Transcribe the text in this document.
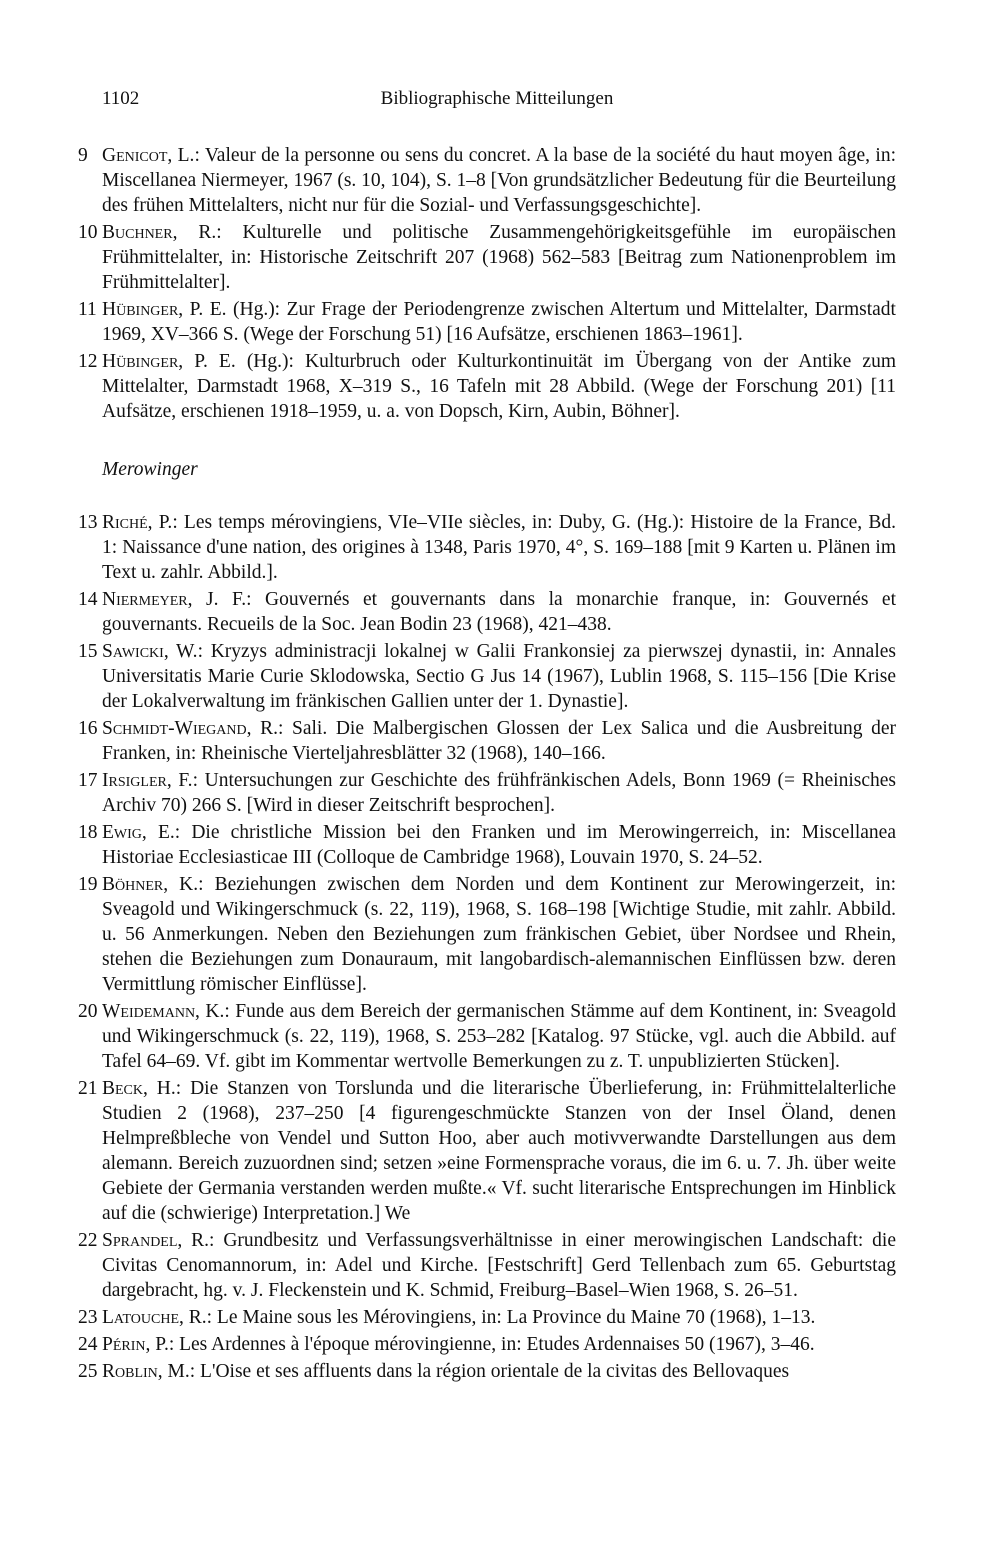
1102	Bibliographische Mitteilungen
9 Genicot, L.: Valeur de la personne ou sens du concret. A la base de la société du haut moyen âge, in: Miscellanea Niermeyer, 1967 (s. 10, 104), S. 1–8 [Von grundsätzlicher Bedeutung für die Beurteilung des frühen Mittelalters, nicht nur für die Sozial- und Verfassungsgeschichte].
10 Buchner, R.: Kulturelle und politische Zusammengehörigkeitsgefühle im europäischen Frühmittelalter, in: Historische Zeitschrift 207 (1968) 562–583 [Beitrag zum Nationenproblem im Frühmittelalter].
11 Hübinger, P. E. (Hg.): Zur Frage der Periodengrenze zwischen Altertum und Mittelalter, Darmstadt 1969, XV–366 S. (Wege der Forschung 51) [16 Aufsätze, erschienen 1863–1961].
12 Hübinger, P. E. (Hg.): Kulturbruch oder Kulturkontinuität im Übergang von der Antike zum Mittelalter, Darmstadt 1968, X–319 S., 16 Tafeln mit 28 Abbild. (Wege der Forschung 201) [11 Aufsätze, erschienen 1918–1959, u. a. von Dopsch, Kirn, Aubin, Böhner].
Merowinger
13 Riché, P.: Les temps mérovingiens, VIe–VIIe siècles, in: Duby, G. (Hg.): Histoire de la France, Bd. 1: Naissance d'une nation, des origines à 1348, Paris 1970, 4°, S. 169–188 [mit 9 Karten u. Plänen im Text u. zahlr. Abbild.].
14 Niermeyer, J. F.: Gouvernés et gouvernants dans la monarchie franque, in: Gouvernés et gouvernants. Recueils de la Soc. Jean Bodin 23 (1968), 421–438.
15 Sawicki, W.: Kryzys administracji lokalnej w Galii Frankonsiej za pierwszej dynastii, in: Annales Universitatis Marie Curie Sklodowska, Sectio G Jus 14 (1967), Lublin 1968, S. 115–156 [Die Krise der Lokalverwaltung im fränkischen Gallien unter der 1. Dynastie].
16 Schmidt-Wiegand, R.: Sali. Die Malbergischen Glossen der Lex Salica und die Ausbreitung der Franken, in: Rheinische Vierteljahresblätter 32 (1968), 140–166.
17 Irsigler, F.: Untersuchungen zur Geschichte des frühfränkischen Adels, Bonn 1969 (= Rheinisches Archiv 70) 266 S. [Wird in dieser Zeitschrift besprochen].
18 Ewig, E.: Die christliche Mission bei den Franken und im Merowingerreich, in: Miscellanea Historiae Ecclesiasticae III (Colloque de Cambridge 1968), Louvain 1970, S. 24–52.
19 Böhner, K.: Beziehungen zwischen dem Norden und dem Kontinent zur Merowingerzeit, in: Sveagold und Wikingerschmuck (s. 22, 119), 1968, S. 168–198 [Wichtige Studie, mit zahlr. Abbild. u. 56 Anmerkungen. Neben den Beziehungen zum fränkischen Gebiet, über Nordsee und Rhein, stehen die Beziehungen zum Donauraum, mit langobardisch-alemannischen Einflüssen bzw. deren Vermittlung römischer Einflüsse].
20 Weidemann, K.: Funde aus dem Bereich der germanischen Stämme auf dem Kontinent, in: Sveagold und Wikingerschmuck (s. 22, 119), 1968, S. 253–282 [Katalog. 97 Stücke, vgl. auch die Abbild. auf Tafel 64–69. Vf. gibt im Kommentar wertvolle Bemerkungen zu z. T. unpublizierten Stücken].
21 Beck, H.: Die Stanzen von Torslunda und die literarische Überlieferung, in: Frühmittelalterliche Studien 2 (1968), 237–250 [4 figurengeschmückte Stanzen von der Insel Öland, denen Helmpreßbleche von Vendel und Sutton Hoo, aber auch motivverwandte Darstellungen aus dem alemann. Bereich zuzuordnen sind; setzen »eine Formensprache voraus, die im 6. u. 7. Jh. über weite Gebiete der Germania verstanden werden mußte.« Vf. sucht literarische Entsprechungen im Hinblick auf die (schwierige) Interpretation.] We
22 Sprandel, R.: Grundbesitz und Verfassungsverhältnisse in einer merowingischen Landschaft: die Civitas Cenomannorum, in: Adel und Kirche. [Festschrift] Gerd Tellenbach zum 65. Geburtstag dargebracht, hg. v. J. Fleckenstein und K. Schmid, Freiburg–Basel–Wien 1968, S. 26–51.
23 Latouche, R.: Le Maine sous les Mérovingiens, in: La Province du Maine 70 (1968), 1–13.
24 Périn, P.: Les Ardennes à l'époque mérovingienne, in: Etudes Ardennaises 50 (1967), 3–46.
25 Roblin, M.: L'Oise et ses affluents dans la région orientale de la civitas des Bellovaques
